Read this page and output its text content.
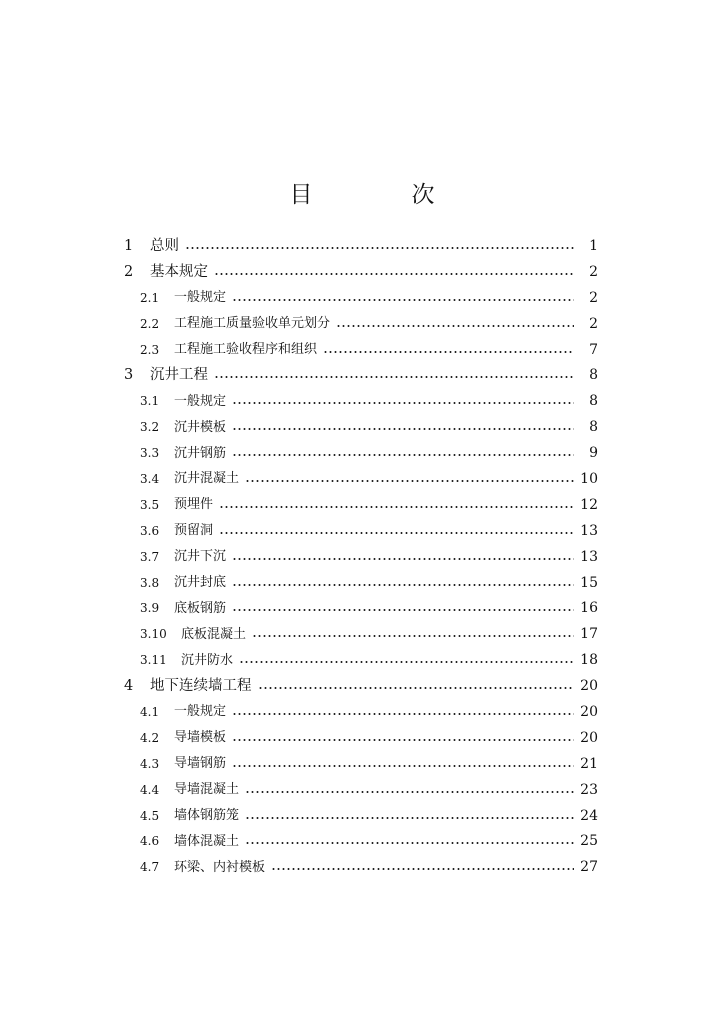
目　次
1	总则	1
2	基本规定	2
2.1	一般规定	2
2.2	工程施工质量验收单元划分	2
2.3	工程施工验收程序和组织	7
3	沉井工程	8
3.1	一般规定	8
3.2	沉井模板	8
3.3	沉井钢筋	9
3.4	沉井混凝土	10
3.5	预埋件	12
3.6	预留洞	13
3.7	沉井下沉	13
3.8	沉井封底	15
3.9	底板钢筋	16
3.10	底板混凝土	17
3.11	沉井防水	18
4	地下连续墙工程	20
4.1	一般规定	20
4.2	导墙模板	20
4.3	导墙钢筋	21
4.4	导墙混凝土	23
4.5	墙体钢筋笼	24
4.6	墙体混凝土	25
4.7	环梁、内衬模板	27
